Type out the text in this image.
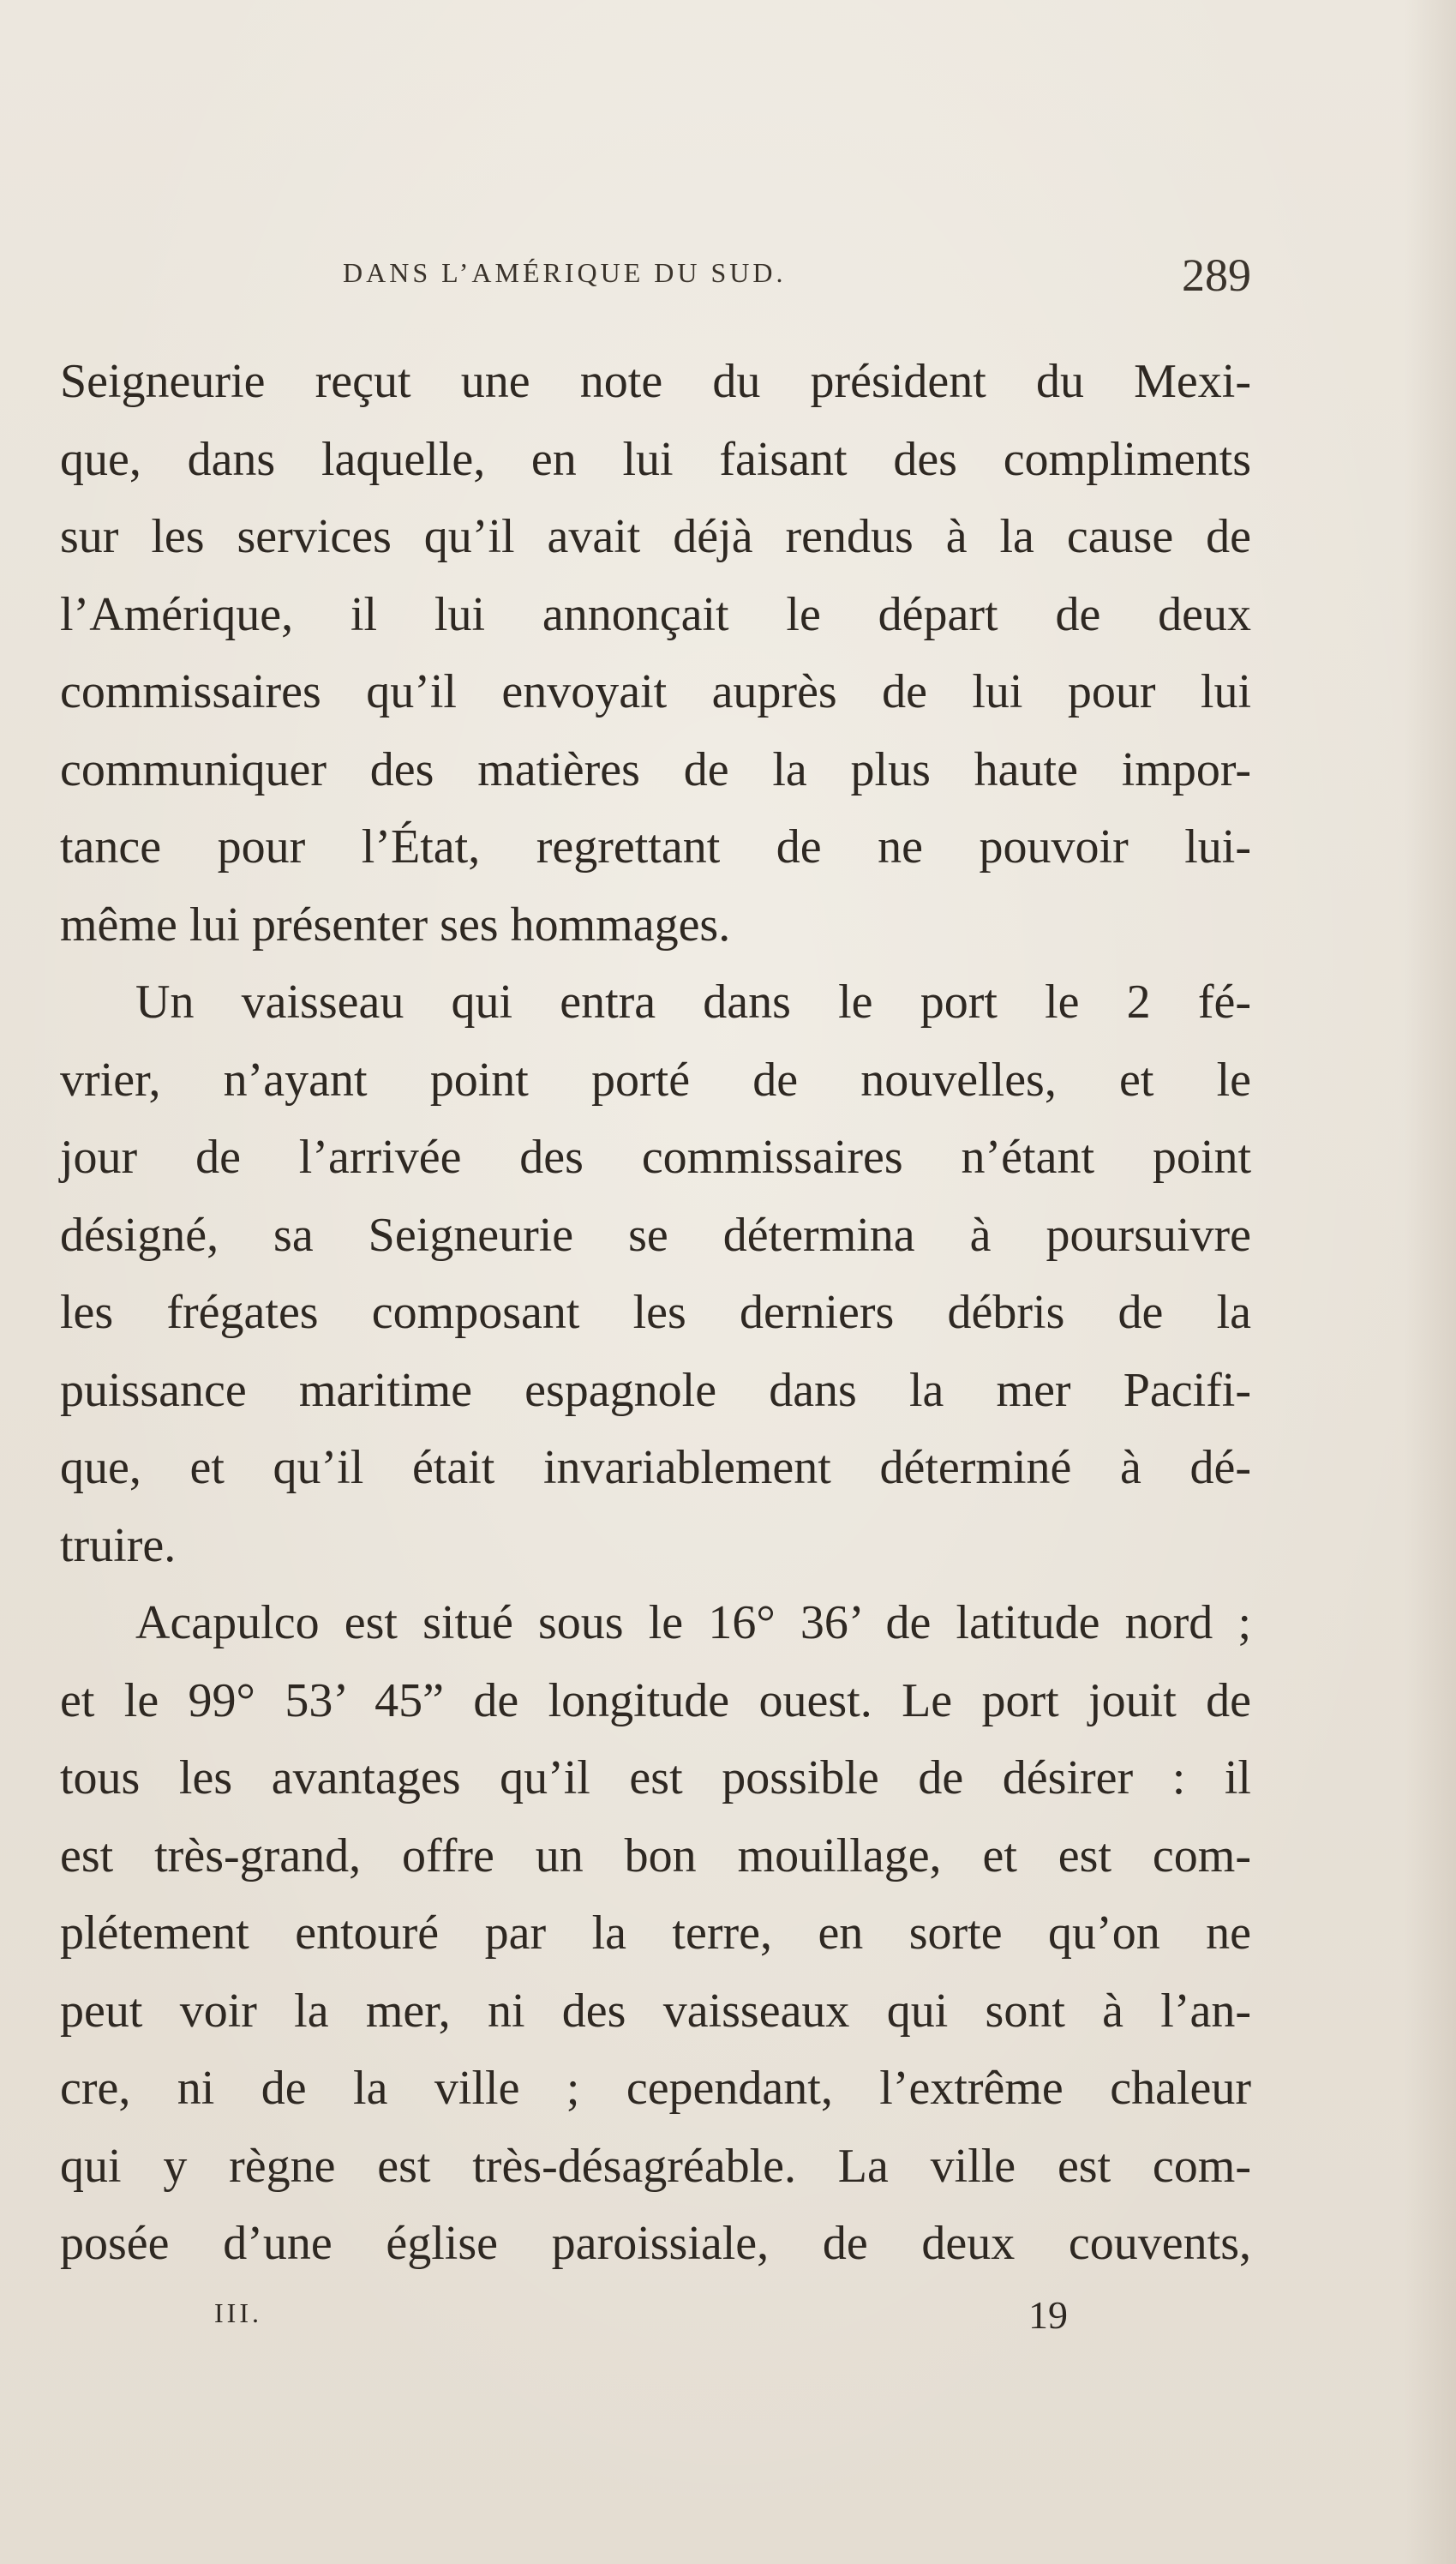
DANS L’AMÉRIQUE DU SUD.	289
Seigneurie reçut une note du président du Mexi-
que, dans laquelle, en lui faisant des compliments
sur les services qu’il avait déjà rendus à la cause de
l’Amérique, il lui annonçait le départ de deux
commissaires qu’il envoyait auprès de lui pour lui
communiquer des matières de la plus haute impor-
tance pour l’État, regrettant de ne pouvoir lui-
même lui présenter ses hommages.
Un vaisseau qui entra dans le port le 2 fé-
vrier, n’ayant point porté de nouvelles, et le
jour de l’arrivée des commissaires n’étant point
désigné, sa Seigneurie se détermina à poursuivre
les frégates composant les derniers débris de la
puissance maritime espagnole dans la mer Pacifi-
que, et qu’il était invariablement déterminé à dé-
truire.
Acapulco est situé sous le 16° 36’ de latitude nord ;
et le 99° 53’ 45” de longitude ouest. Le port jouit de
tous les avantages qu’il est possible de désirer : il
est très-grand, offre un bon mouillage, et est com-
plétement entouré par la terre, en sorte qu’on ne
peut voir la mer, ni des vaisseaux qui sont à l’an-
cre, ni de la ville ; cependant, l’extrême chaleur
qui y règne est très-désagréable. La ville est com-
posée d’une église paroissiale, de deux couvents,
III.	19
